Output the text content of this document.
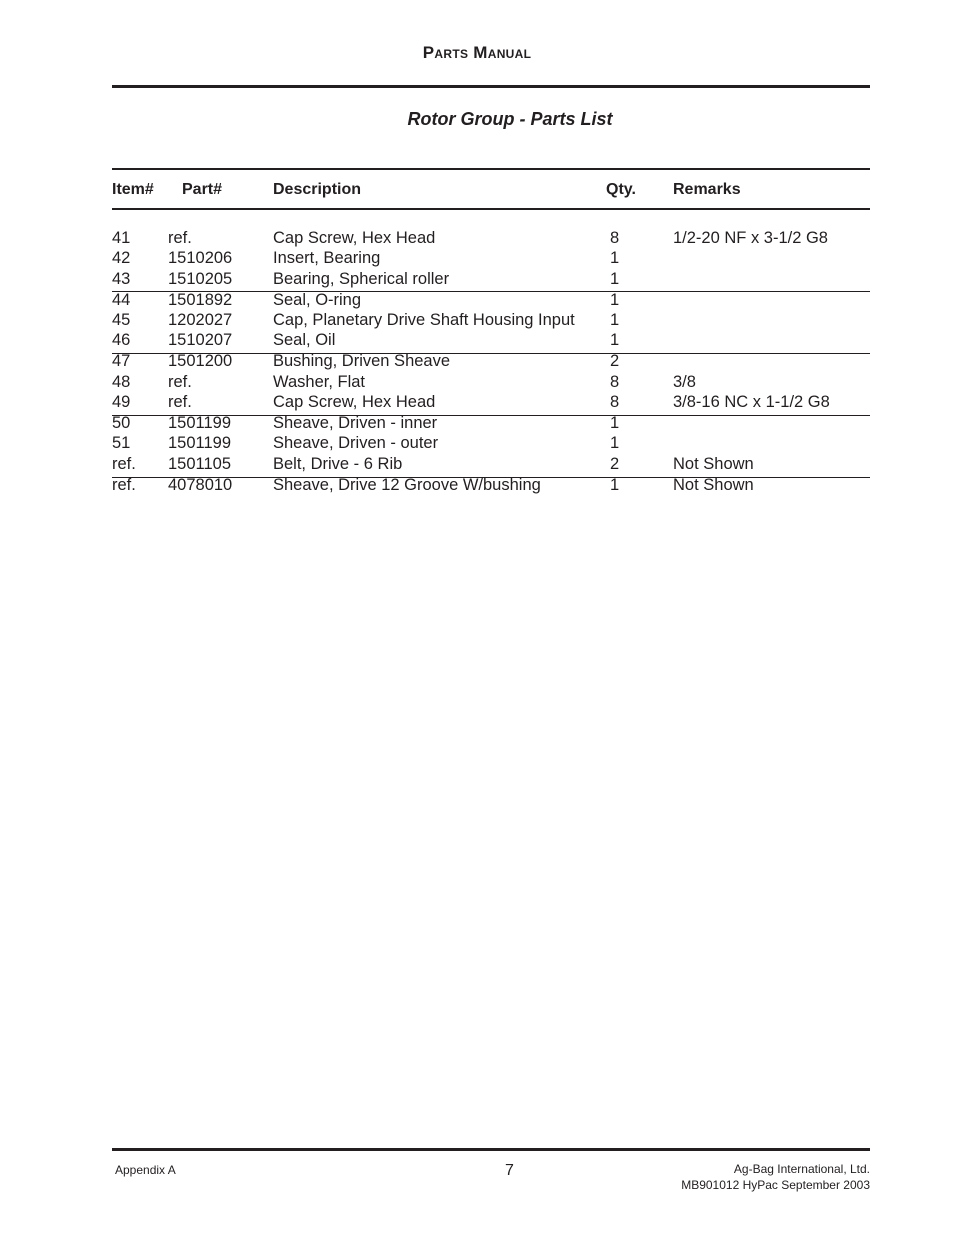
Parts Manual
Rotor Group - Parts List
Item# Part#	Description	Qty. Remarks
41 ref.	Cap Screw, Hex Head	8	1/2-20 NF x 3-1/2 G8
42 1510206 Insert, Bearing	1
43 1510205 Bearing, Spherical roller	1
44 1501892 Seal, O-ring	1
45 1202027 Cap, Planetary Drive Shaft Housing Input 1
46 1510207 Seal, Oil	1
47 1501200 Bushing, Driven Sheave	2
48 ref.	Washer, Flat	8	3/8
49 ref.	Cap Screw, Hex Head	8	3/8-16 NC x 1-1/2 G8
50 1501199	Sheave, Driven - inner	1
51 1501199	Sheave, Driven - outer	1
ref. 1501105	Belt, Drive - 6 Rib	2	Not Shown
ref. 4078010 Sheave, Drive 12 Groove W/bushing	1	Not Shown
Appendix A	7	Ag-Bag International, Ltd.
MB901012 HyPac September 2003
